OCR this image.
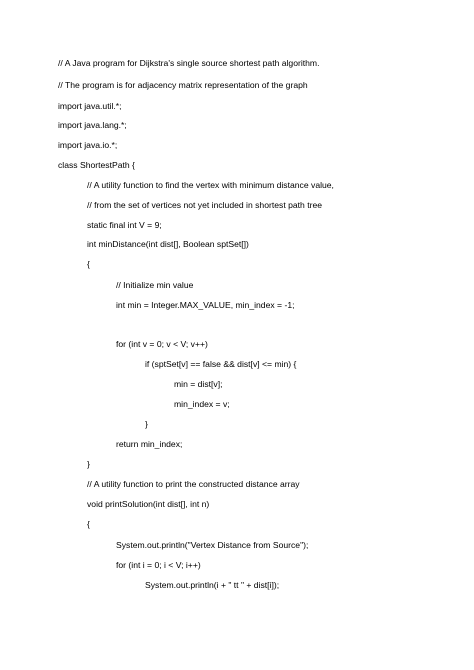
// A Java program for Dijkstra's single source shortest path algorithm.
// The program is for adjacency matrix representation of the graph
import java.util.*;
import java.lang.*;
import java.io.*;
class ShortestPath {
// A utility function to find the vertex with minimum distance value,
// from the set of vertices not yet included in shortest path tree
static final int V = 9;
int minDistance(int dist[], Boolean sptSet[])
{
// Initialize min value
int min = Integer.MAX_VALUE, min_index = -1;
for (int v = 0; v < V; v++)
if (sptSet[v] == false && dist[v] <= min) {
min = dist[v];
min_index = v;
}
return min_index;
}
// A utility function to print the constructed distance array
void printSolution(int dist[], int n)
{
System.out.println("Vertex Distance from Source");
for (int i = 0; i < V; i++)
System.out.println(i + " tt " + dist[i]);
